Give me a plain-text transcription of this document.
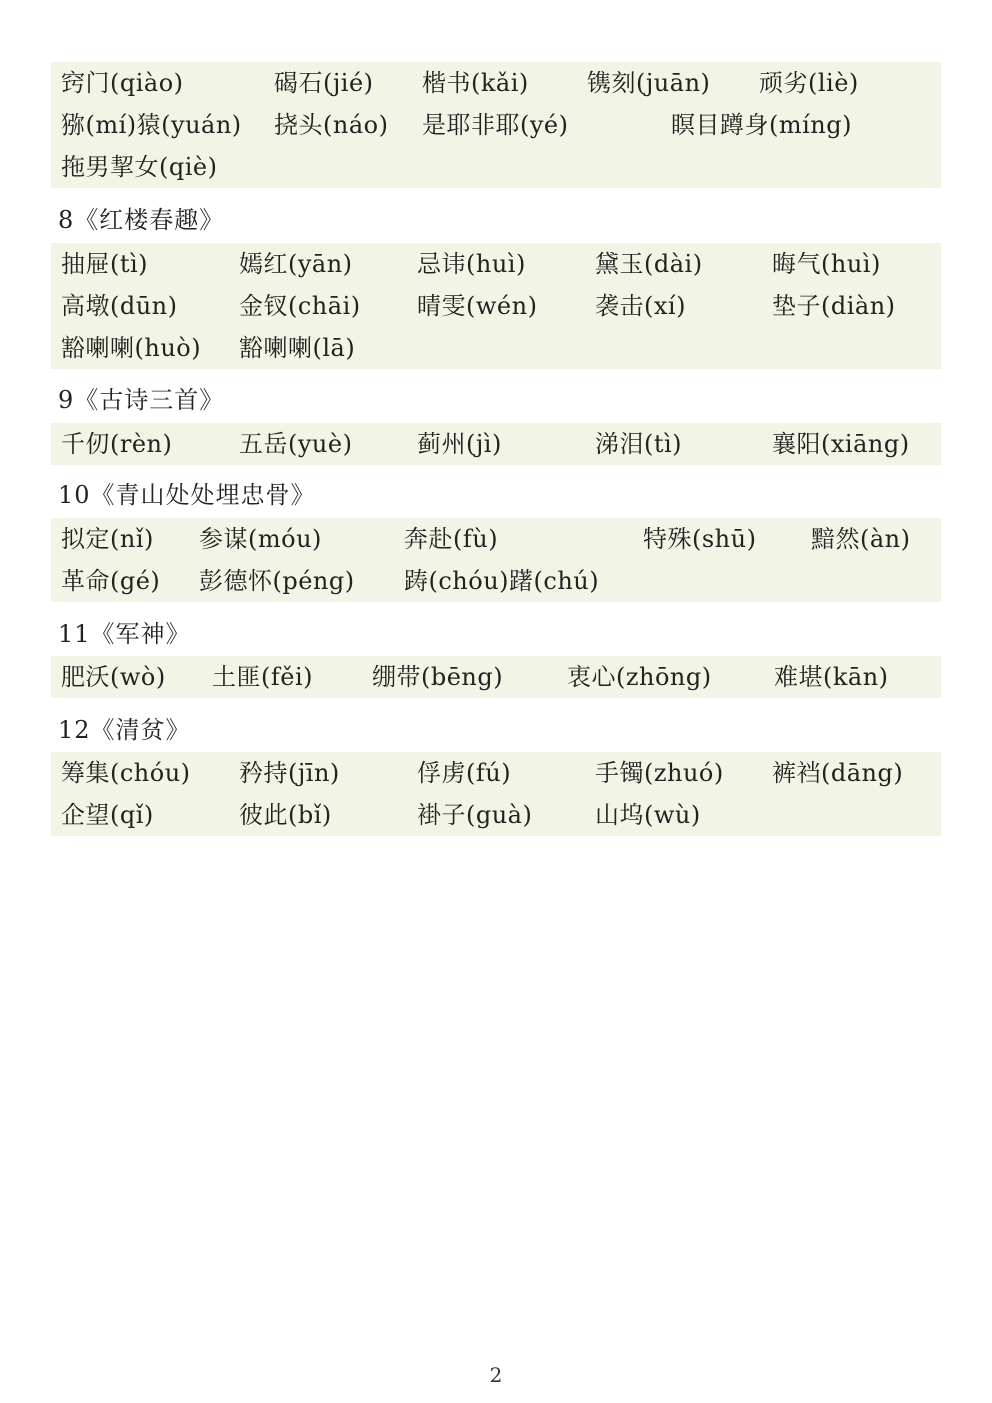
窍门(qiào)	碣石(jié) 楷书(kǎi) 镌刻(juān) 顽劣(liè)
猕(mí)猿(yuán) 挠头(náo) 是耶非耶(yé)	瞑目蹲身(míng)
拖男挈女(qiè)
8《红楼春趣》
抽屉(tì)	嫣红(yān)	忌讳(huì)	黛玉(dài)	晦气(huì)
高墩(dūn)	金钗(chāi) 晴雯(wén) 袭击(xí)	垫子(diàn)
豁喇喇(huò) 豁喇喇(lā)
9《古诗三首》
千仞(rèn)	五岳(yuè)	蓟州(jì)	涕泪(tì)	襄阳(xiāng)
10《青山处处埋忠骨》
拟定(nǐ) 参谋(móu)	奔赴(fù)	特殊(shū) 黯然(àn)
革命(gé) 彭德怀(péng) 踌(chóu)躇(chú)
11《军神》
肥沃(wò) 土匪(fěi) 绷带(bēng)	衷心(zhōng)	难堪(kān)
12《清贫》
筹集(chóu) 矜持(jīn)	俘虏(fú)	手镯(zhuó) 裤裆(dāng)
企望(qǐ)	彼此(bǐ)	褂子(guà)	山坞(wù)
2
